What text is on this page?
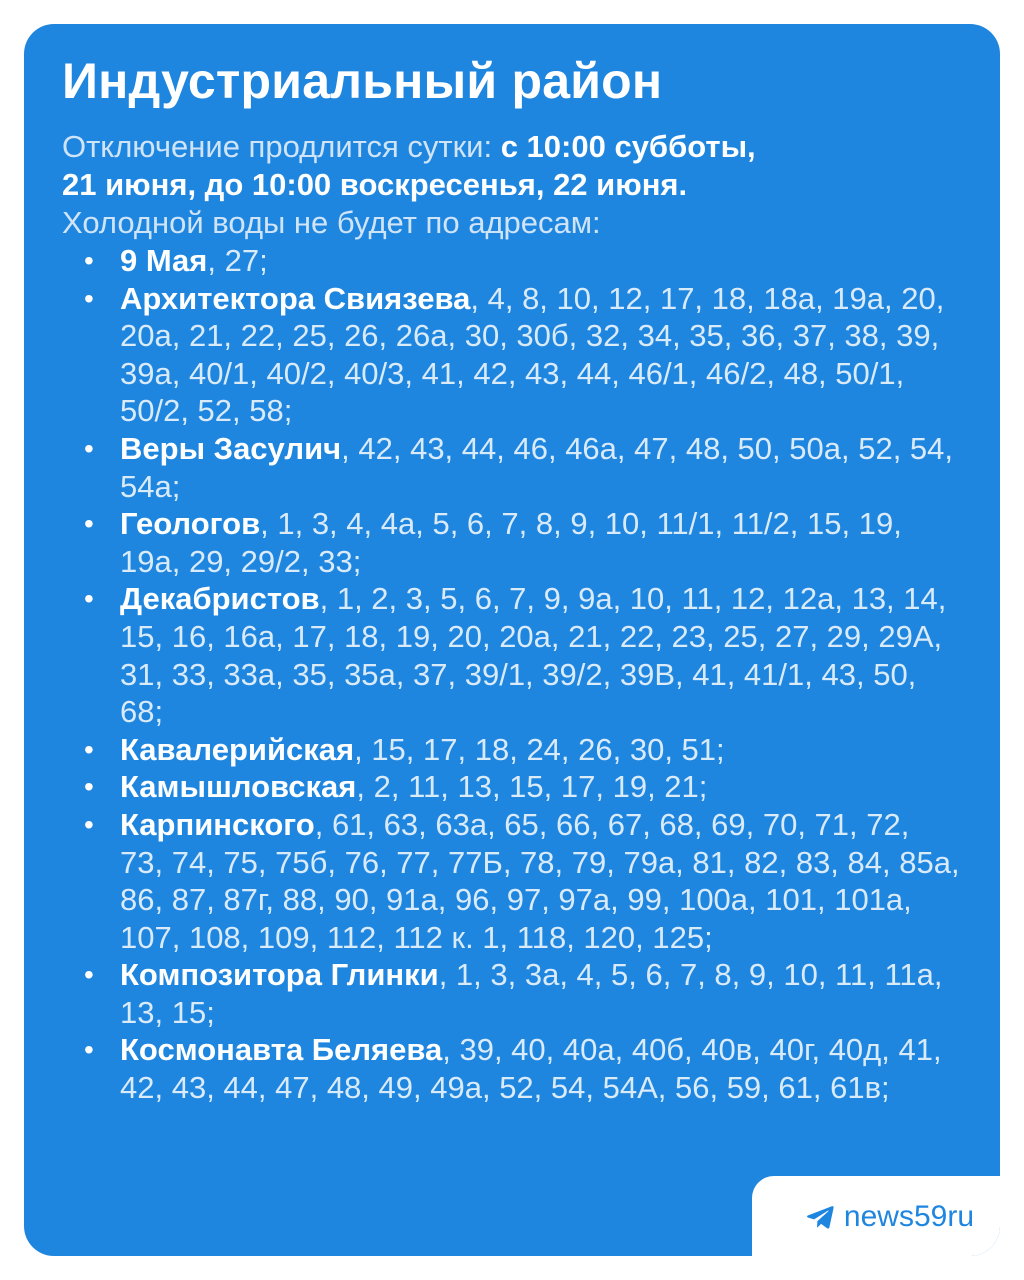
Индустриальный район

Отключение продлится сутки: с 10:00 субботы,
21 июня, до 10:00 воскресенья, 22 июня.
Холодной воды не будет по адресам:

• 9 Мая, 27;
• Архитектора Свиязева, 4, 8, 10, 12, 17, 18, 18а, 19а, 20, 20а, 21, 22, 25, 26, 26а, 30, 30б, 32, 34, 35, 36, 37, 38, 39, 39а, 40/1, 40/2, 40/3, 41, 42, 43, 44, 46/1, 46/2, 48, 50/1, 50/2, 52, 58;
• Веры Засулич, 42, 43, 44, 46, 46а, 47, 48, 50, 50а, 52, 54, 54а;
• Геологов, 1, 3, 4, 4а, 5, 6, 7, 8, 9, 10, 11/1, 11/2, 15, 19, 19а, 29, 29/2, 33;
• Декабристов, 1, 2, 3, 5, 6, 7, 9, 9а, 10, 11, 12, 12а, 13, 14, 15, 16, 16а, 17, 18, 19, 20, 20а, 21, 22, 23, 25, 27, 29, 29А, 31, 33, 33а, 35, 35а, 37, 39/1, 39/2, 39В, 41, 41/1, 43, 50, 68;
• Кавалерийская, 15, 17, 18, 24, 26, 30, 51;
• Камышловская, 2, 11, 13, 15, 17, 19, 21;
• Карпинского, 61, 63, 63а, 65, 66, 67, 68, 69, 70, 71, 72, 73, 74, 75, 75б, 76, 77, 77Б, 78, 79, 79а, 81, 82, 83, 84, 85а, 86, 87, 87г, 88, 90, 91а, 96, 97, 97а, 99, 100а, 101, 101а, 107, 108, 109, 112, 112 к. 1, 118, 120, 125;
• Композитора Глинки, 1, 3, 3а, 4, 5, 6, 7, 8, 9, 10, 11, 11а, 13, 15;
• Космонавта Беляева, 39, 40, 40а, 40б, 40в, 40г, 40д, 41, 42, 43, 44, 47, 48, 49, 49а, 52, 54, 54А, 56, 59, 61, 61в;
news59ru
